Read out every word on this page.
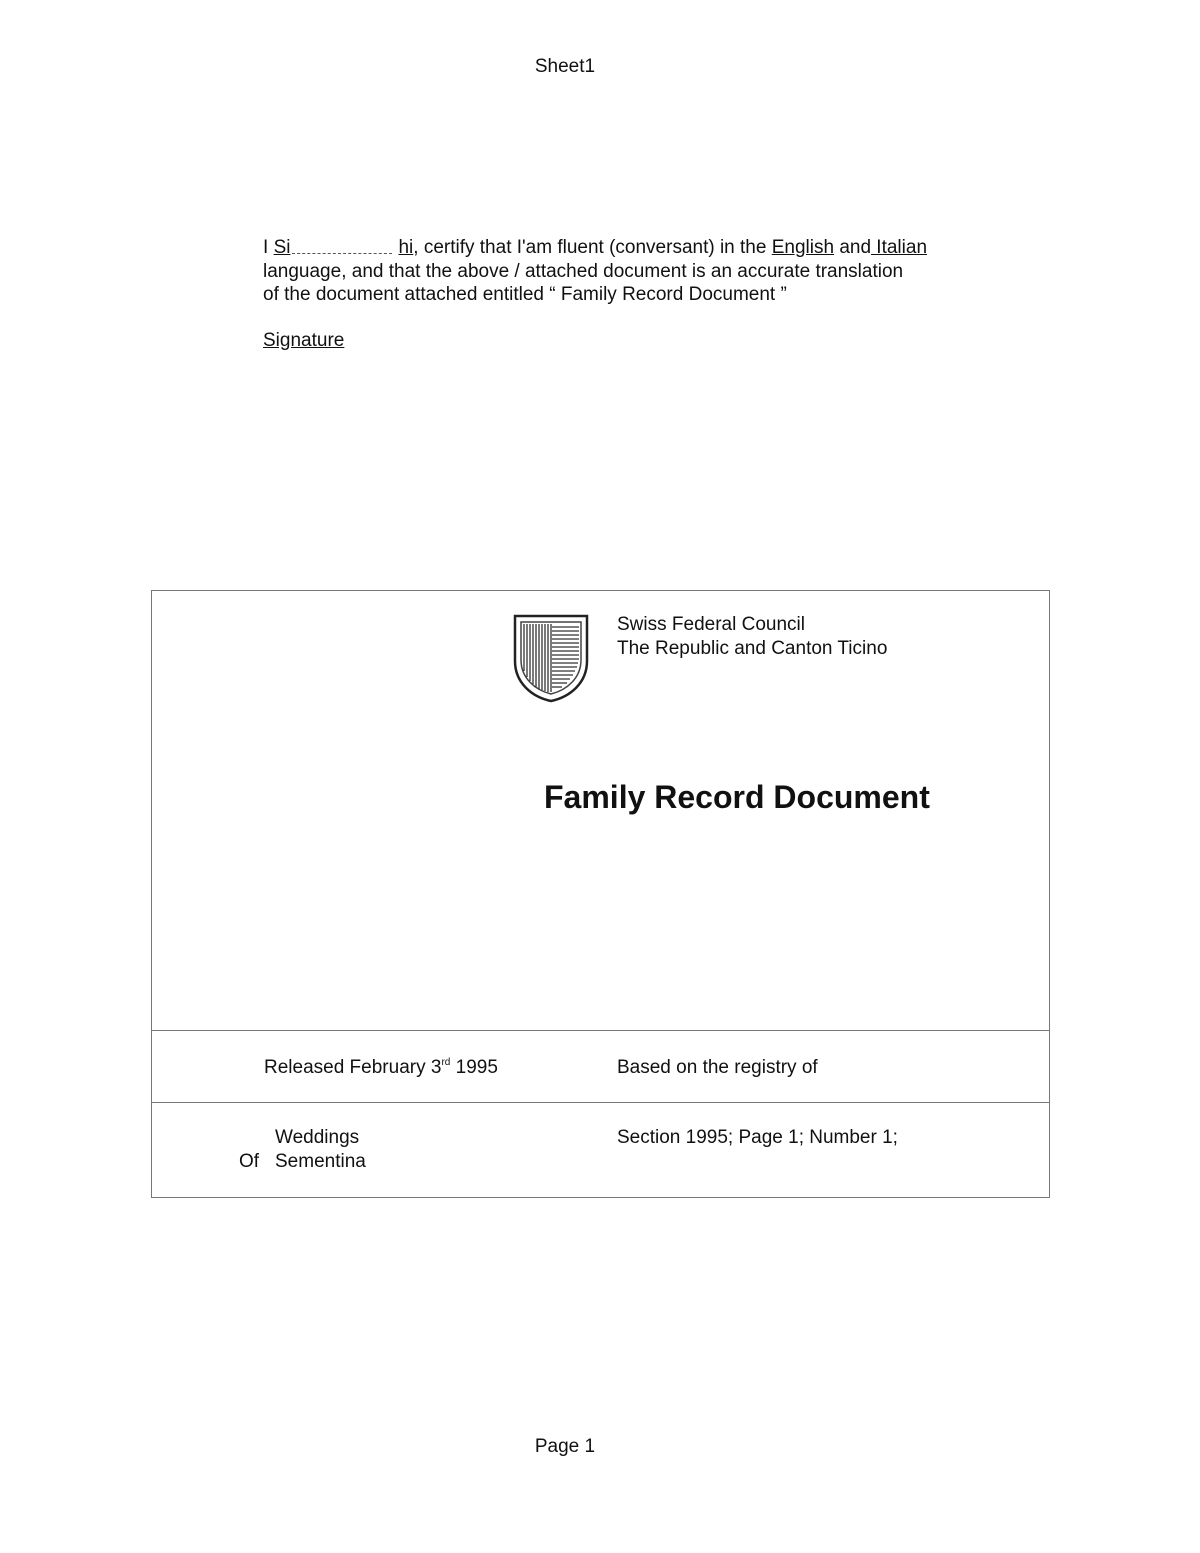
Sheet1
I Si	hi, certify that I'am fluent (conversant) in the English and Italian
language, and that the above / attached document is an accurate translation
of the document attached entitled “ Family Record Document ”
Signature
Swiss Federal Council
The Republic and Canton Ticino
Family Record Document
Released February 3rd 1995	Based on the registry of
Weddings
Of Sementina
Section 1995; Page 1; Number 1;
Page 1
